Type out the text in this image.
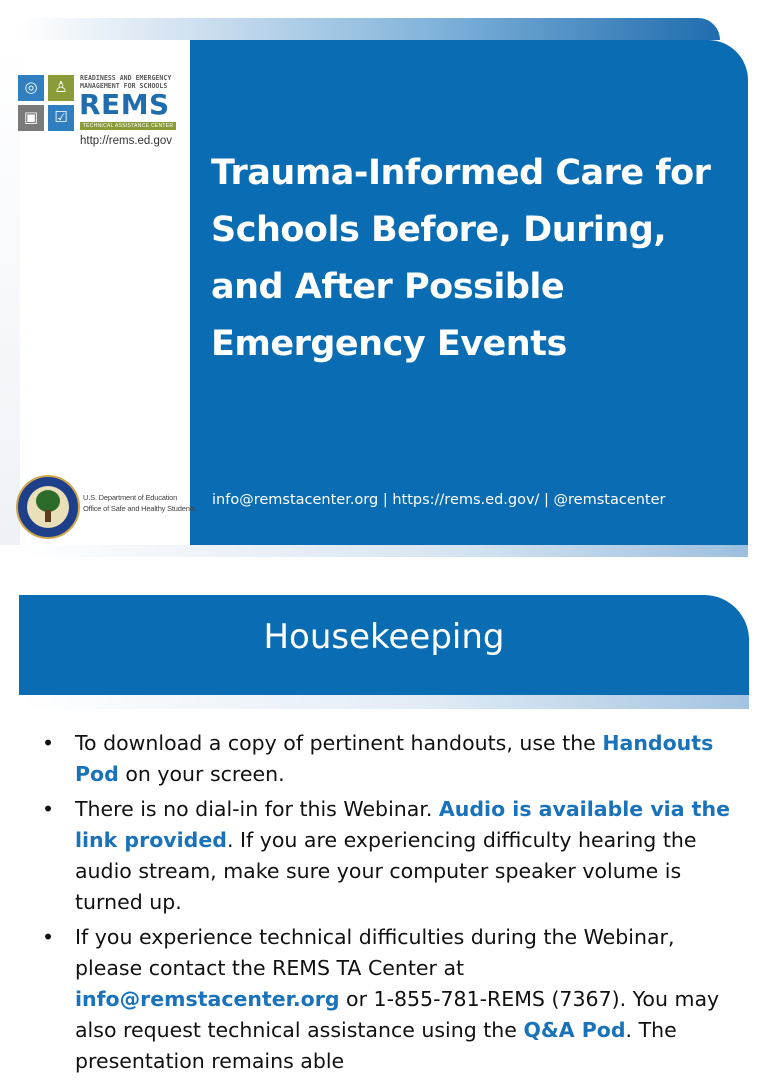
◎	♙
▣	☑
READINESS AND EMERGENCY
MANAGEMENT FOR SCHOOLS
REMS
TECHNICAL ASSISTANCE CENTER
http://rems.ed.gov
Trauma-Informed Care for Schools Before, During, and After Possible Emergency Events
info@remstacenter.org | https://rems.ed.gov/ | @remstacenter
U.S. Department of Education
Office of Safe and Healthy Students
Housekeeping
• To download a copy of pertinent handouts, use the Handouts Pod on your screen.
• There is no dial-in for this Webinar. Audio is available via the link provided. If you are experiencing difficulty hearing the audio stream, make sure your computer speaker volume is turned up.
• If you experience technical difficulties during the Webinar, please contact the REMS TA Center at info@remstacenter.org or 1-855-781-REMS (7367). You may also request technical assistance using the Q&A Pod. The presentation remains able
